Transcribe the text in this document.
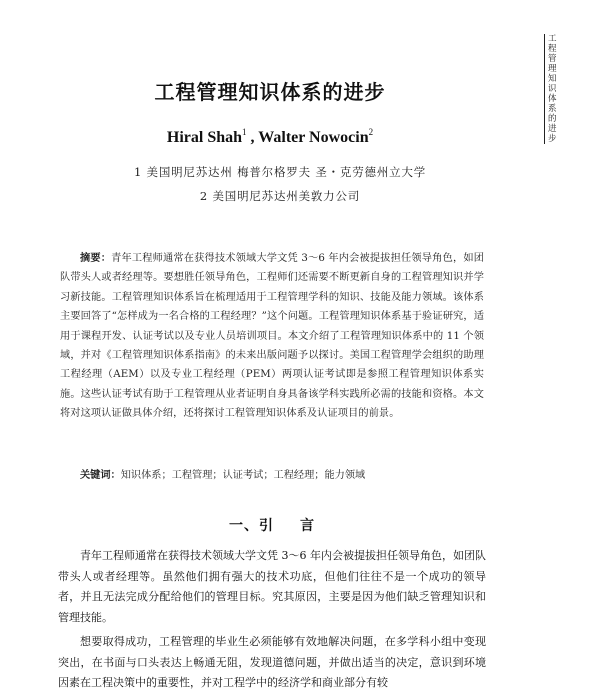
工程管理知识体系的进步
工程管理知识体系的进步
Hiral Shah$^1$ , Walter Nowocin$^2$
1 美国明尼苏达州 梅普尔格罗夫 圣・克劳德州立大学
2 美国明尼苏达州美敦力公司
摘要：青年工程师通常在获得技术领域大学文凭 3～6 年内会被提拔担任领导角色，如团队带头人或者经理等。要想胜任领导角色，工程师们还需要不断更新自身的工程管理知识并学习新技能。工程管理知识体系旨在梳理适用于工程管理学科的知识、技能及能力领域。该体系主要回答了“怎样成为一名合格的工程经理？”这个问题。工程管理知识体系基于验证研究，适用于课程开发、认证考试以及专业人员培训项目。本文介绍了工程管理知识体系中的 11 个领域，并对《工程管理知识体系指南》的未来出版问题予以探讨。美国工程管理学会组织的助理工程经理（AEM）以及专业工程经理（PEM）两项认证考试即是参照工程管理知识体系实施。这些认证考试有助于工程管理从业者证明自身具备该学科实践所必需的技能和资格。本文将对这项认证做具体介绍，还将探讨工程管理知识体系及认证项目的前景。
关键词：知识体系；工程管理；认证考试；工程经理；能力领域
一、引 言

青年工程师通常在获得技术领域大学文凭 3～6 年内会被提拔担任领导角色，如团队带头人或者经理等。虽然他们拥有强大的技术功底，但他们往往不是一个成功的领导者，并且无法完成分配给他们的管理目标。究其原因，主要是因为他们缺乏管理知识和管理技能。

想要取得成功，工程管理的毕业生必须能够有效地解决问题，在多学科小组中变现突出，在书面与口头表达上畅通无阻，发现道德问题，并做出适当的决定，意识到环境因素在工程决策中的重要性，并对工程学中的经济学和商业部分有较
